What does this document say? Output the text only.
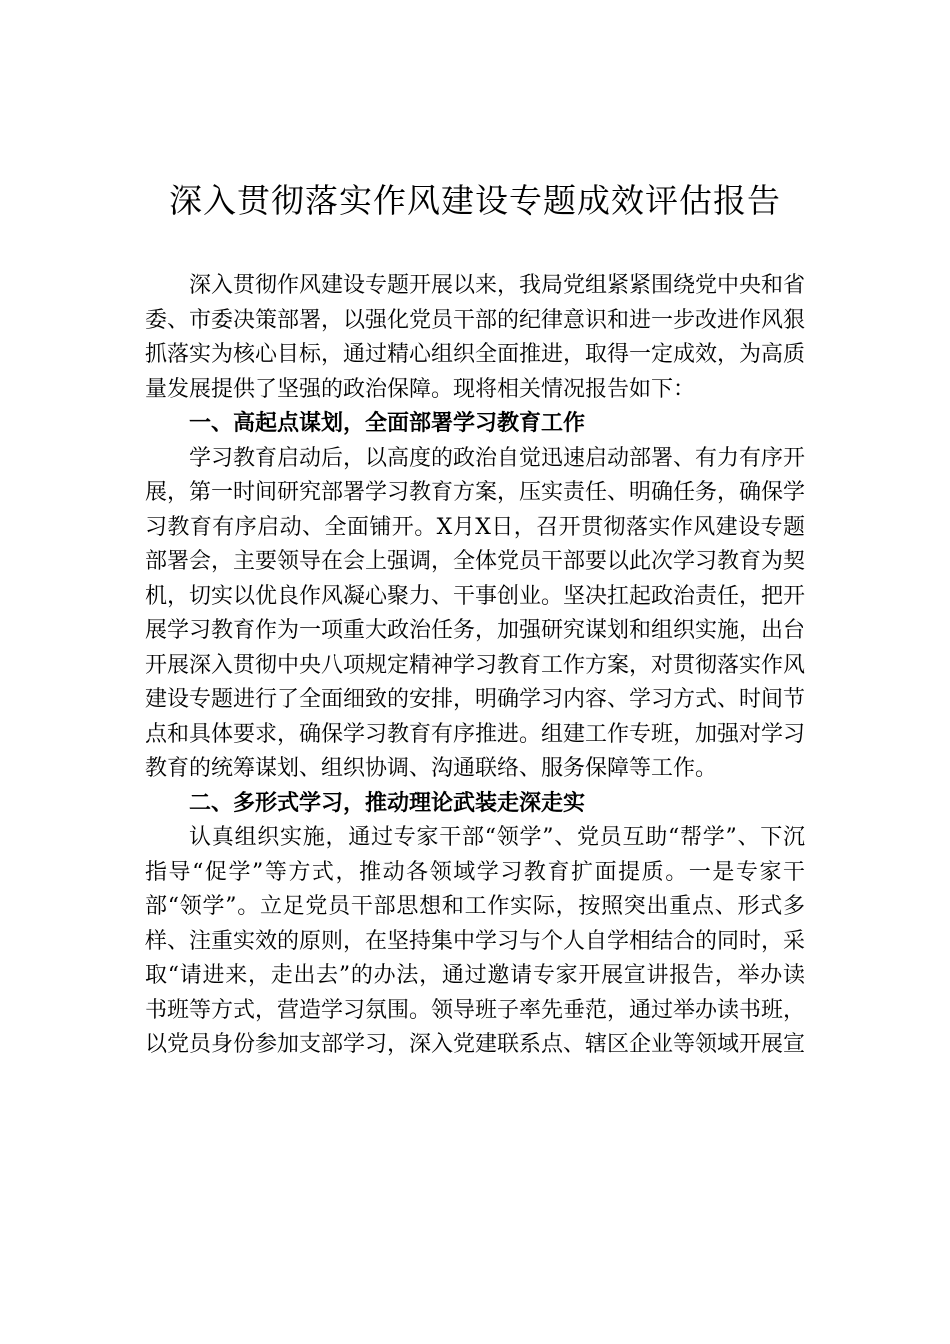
深入贯彻落实作风建设专题成效评估报告

深入贯彻作风建设专题开展以来，我局党组紧紧围绕党中央和省委、市委决策部署，以强化党员干部的纪律意识和进一步改进作风狠抓落实为核心目标，通过精心组织全面推进，取得一定成效，为高质量发展提供了坚强的政治保障。现将相关情况报告如下：

一、高起点谋划，全面部署学习教育工作

学习教育启动后，以高度的政治自觉迅速启动部署、有力有序开展，第一时间研究部署学习教育方案，压实责任、明确任务，确保学习教育有序启动、全面铺开。X月X日，召开贯彻落实作风建设专题部署会，主要领导在会上强调，全体党员干部要以此次学习教育为契机，切实以优良作风凝心聚力、干事创业。坚决扛起政治责任，把开展学习教育作为一项重大政治任务，加强研究谋划和组织实施，出台开展深入贯彻中央八项规定精神学习教育工作方案，对贯彻落实作风建设专题进行了全面细致的安排，明确学习内容、学习方式、时间节点和具体要求，确保学习教育有序推进。组建工作专班，加强对学习教育的统筹谋划、组织协调、沟通联络、服务保障等工作。

二、多形式学习，推动理论武装走深走实

认真组织实施，通过专家干部“领学”、党员互助“帮学”、下沉指导“促学”等方式，推动各领域学习教育扩面提质。一是专家干部“领学”。立足党员干部思想和工作实际，按照突出重点、形式多样、注重实效的原则，在坚持集中学习与个人自学相结合的同时，采取“请进来，走出去”的办法，通过邀请专家开展宣讲报告，举办读书班等方式，营造学习氛围。领导班子率先垂范，通过举办读书班，以党员身份参加支部学习，深入党建联系点、辖区企业等领域开展宣
